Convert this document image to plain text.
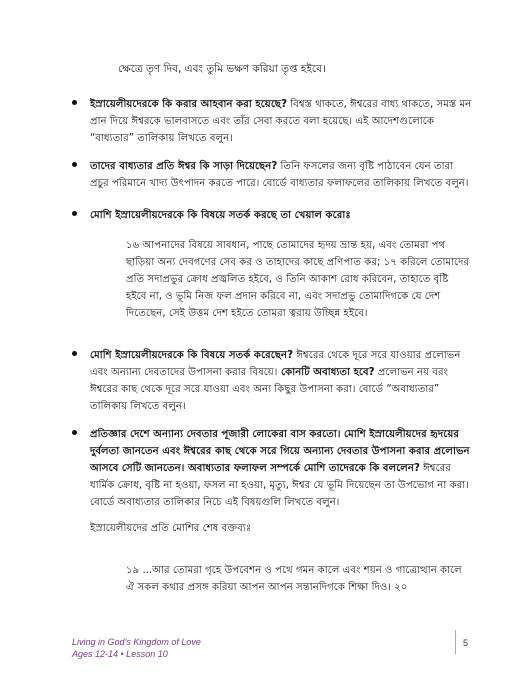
ক্ষেত্রে তৃণ দিব, এবং তুমি ভক্ষণ করিয়া তৃপ্ত হইবে।
ইস্রায়েলীয়দেরকে কি করার আহবান করা হয়েছে? বিশ্বস্ত থাকতে, ঈশ্বরের বাধ্য থাকতে, সমস্ত মন প্রান দিয়ে ঈশ্বরকে ভালবাসতে এবং তাঁর সেবা করতে বলা হয়েছে। এই আদেশগুলোকে “বাধ্যতার” তালিকায় লিখতে বলুন।
তাদের বাধ্যতার প্রতি ঈশ্বর কি সাড়া দিয়েছেন? তিনি ফসলের জন্য বৃষ্টি পাঠাবেন যেন তারা প্রচুর পরিমানে খাদ্য উৎপাদন করতে পারে। বোর্ডে বাধ্যতার ফলাফলের তালিকায় লিখতে বলুন।
মোশি ইস্রায়েলীয়দেরকে কি বিষয়ে সতর্ক করছে তা খেয়াল করোঃ
১৬ আপনাদের বিষয়ে সাবধান, পাছে তোমাদের হৃদয় ভ্রান্ত হয়, এবং তোমরা পথ ছাড়িয়া অন্য দেবগণের সেব কর ও তাহাদের কাছে প্রণিপাত কর; ১৭ করিলে তোমাদের প্রতি সদাপ্রভুর ক্রোধ প্রজ্বলিত হইবে, ও তিনি আকাশ রোধ করিবেন, তাহাতে বৃষ্টি হইবে না, ও ভূমি নিজ ফল প্রদান করিবে না, এবং সদাপ্রভু তোমাদিগকে যে দেশ দিতেছেন, সেই উত্তম দেশ হইতে তোমরা ত্বরায় উচ্ছিন্ন হইবে।
মোশি ইস্রায়েলীয়দেরকে কি বিষয়ে সতর্ক করেছেন? ঈশ্বরের থেকে দূরে সরে যাওয়ার প্রলোভন এবং অন্যান্য দেবতাদের উপাসনা করার বিষয়ে। কোনটি অবাধ্যতা হবে? প্রলোভন নয় বরং ঈশ্বরের কাছ থেকে দূরে সরে যাওয়া এবং অন্য কিছুর উপাসনা করা। বোর্ডে “অবাধ্যতার” তালিকায় লিখতে বলুন।
প্রতিজ্ঞার দেশে অন্যান্য দেবতার পূজারী লোকেরা বাস করতো। মোশি ইস্রায়েলীয়দের হৃদয়ের দুর্বলতা জানতেন এবং ঈশ্বরের কাছ থেকে সরে গিয়ে অন্যান্য দেবতার উপাসনা করার প্রলোভন আসবে সেটি জানতেন। অবাধ্যতার ফলাফল সম্পর্কে মোশি তাদেরকে কি বললেন? ঈশ্বরের ধার্মিক ক্রোধ, বৃষ্টি না হওয়া, ফসল না হওয়া, মৃত্যু, ঈশ্বর যে ভূমি দিয়েছেন তা উপভোগ না করা। বোর্ডে অবাধ্যতার তালিকার নিচে এই বিষয়গুলি লিখতে বলুন।
ইস্রায়েলীয়দের প্রতি মোশির শেষ বক্তব্যঃ
১৯ ...আর তোমরা গৃহে উপবেশন ও পথে গমন কালে এবং শয়ন ও গাত্রোত্থান কালে ঐ সকল কথার প্রসঙ্গ করিয়া আপন আপন সন্তানদিগকে শিক্ষা দিও। ২০
Living in God’s Kingdom of Love
Ages 12-14 • Lesson 10
5
